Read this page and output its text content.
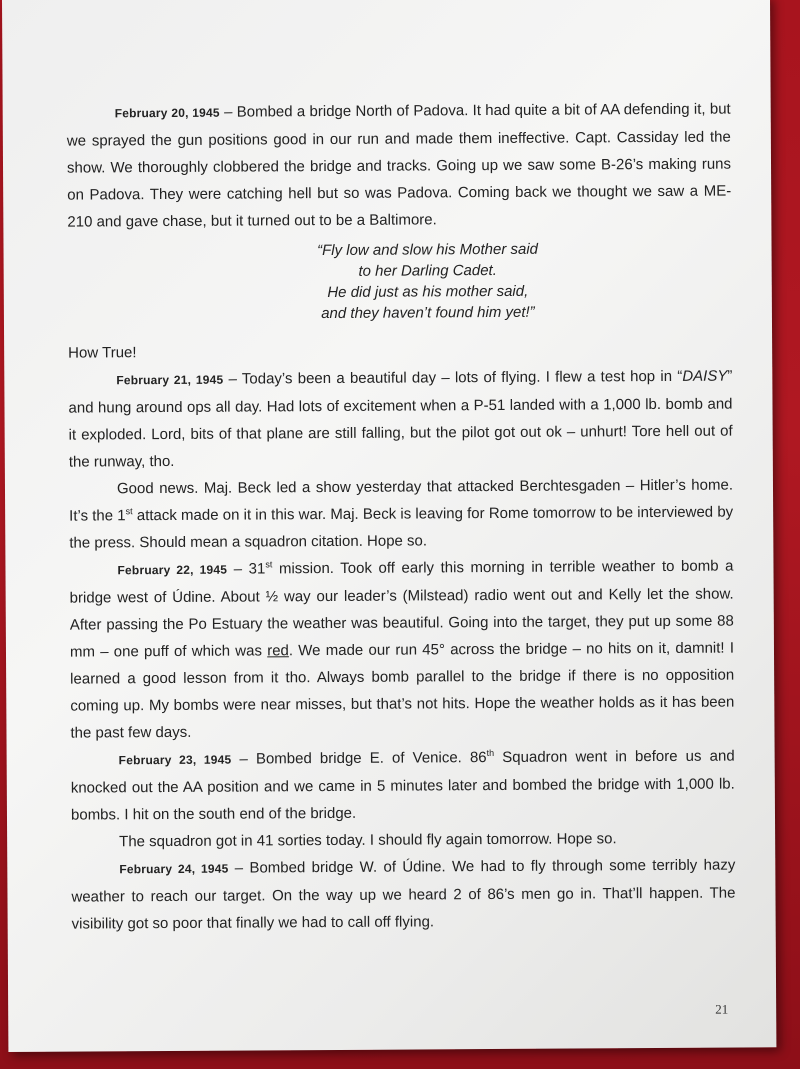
February 20, 1945 – Bombed a bridge North of Padova. It had quite a bit of AA defending it, but we sprayed the gun positions good in our run and made them ineffective. Capt. Cassiday led the show. We thoroughly clobbered the bridge and tracks. Going up we saw some B-26’s making runs on Padova. They were catching hell but so was Padova. Coming back we thought we saw a ME-210 and gave chase, but it turned out to be a Baltimore.

“Fly low and slow his Mother said
to her Darling Cadet.
He did just as his mother said,
and they haven’t found him yet!”

How True!

February 21, 1945 – Today’s been a beautiful day – lots of flying. I flew a test hop in “DAISY” and hung around ops all day. Had lots of excitement when a P-51 landed with a 1,000 lb. bomb and it exploded. Lord, bits of that plane are still falling, but the pilot got out ok – unhurt! Tore hell out of the runway, tho.

Good news. Maj. Beck led a show yesterday that attacked Berchtesgaden – Hitler’s home. It’s the 1st attack made on it in this war. Maj. Beck is leaving for Rome tomorrow to be interviewed by the press. Should mean a squadron citation. Hope so.

February 22, 1945 – 31st mission. Took off early this morning in terrible weather to bomb a bridge west of Údine. About ½ way our leader’s (Milstead) radio went out and Kelly let the show. After passing the Po Estuary the weather was beautiful. Going into the target, they put up some 88 mm – one puff of which was red. We made our run 45° across the bridge – no hits on it, damnit! I learned a good lesson from it tho. Always bomb parallel to the bridge if there is no opposition coming up. My bombs were near misses, but that’s not hits. Hope the weather holds as it has been the past few days.

February 23, 1945 – Bombed bridge E. of Venice. 86th Squadron went in before us and knocked out the AA position and we came in 5 minutes later and bombed the bridge with 1,000 lb. bombs. I hit on the south end of the bridge.

The squadron got in 41 sorties today. I should fly again tomorrow. Hope so.

February 24, 1945 – Bombed bridge W. of Údine. We had to fly through some terribly hazy weather to reach our target. On the way up we heard 2 of 86’s men go in. That’ll happen. The visibility got so poor that finally we had to call off flying.

21
